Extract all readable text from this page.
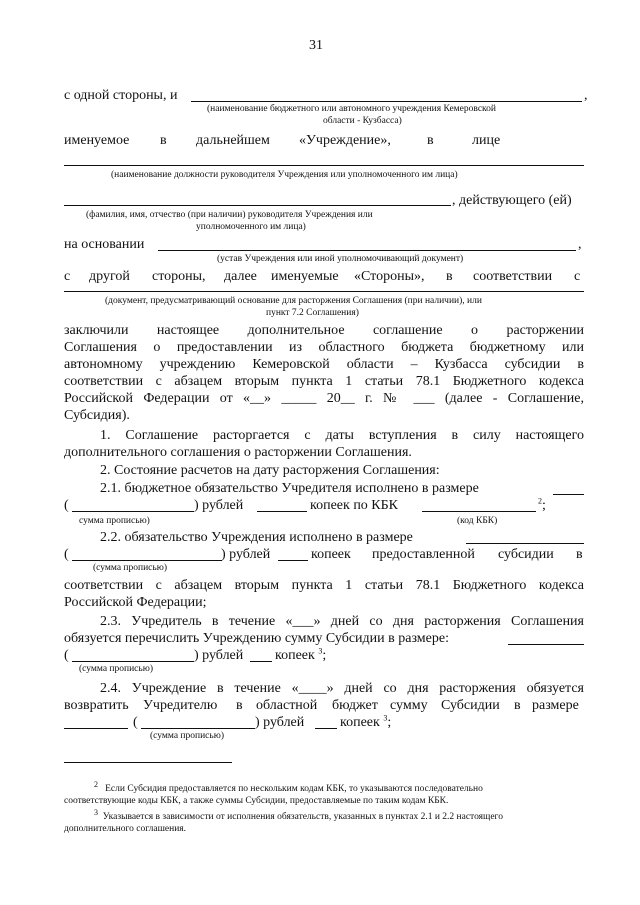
31
с одной стороны, и	,
(наименование бюджетного или автономного учреждения Кемеровской
области - Кузбасса)
именуемое в дальнейшем «Учреждение»,	в	лице
(наименование должности руководителя Учреждения или уполномоченного им лица)
, действующего (ей)
(фамилия, имя, отчество (при наличии) руководителя Учреждения или
уполномоченного им лица)
на основании	,
(устав Учреждения или иной уполномочивающий документ)
с другой стороны, далее именуемые «Стороны», в соответствии с
(документ, предусматривающий основание для расторжения Соглашения (при наличии), или
пункт 7.2 Соглашения)
заключили настоящее дополнительное соглашение о расторжении
Соглашения о предоставлении из областного бюджета бюджетному или
автономному учреждению Кемеровской области – Кузбасса субсидии в
соответствии с абзацем вторым пункта 1 статьи 78.1 Бюджетного кодекса
Российской Федерации от «__» _____ 20__ г. № ___ (далее - Соглашение,
Субсидия).
1. Соглашение расторгается с даты вступления в силу настоящего
дополнительного соглашения о расторжении Соглашения.
2. Состояние расчетов на дату расторжения Соглашения:
2.1. бюджетное обязательство Учредителя исполнено в размере
(	) рублей	копеек по КБК	$^2$;
сумма прописью)	(код КБК)
2.2. обязательство Учреждения исполнено в размере
(	) рублей	копеек предоставленной субсидии в
(сумма прописью)
соответствии с абзацем вторым пункта 1 статьи 78.1 Бюджетного кодекса
Российской Федерации;
2.3. Учредитель в течение «___» дней со дня расторжения Соглашения
обязуется перечислить Учреждению сумму Субсидии в размере:
(	) рублей копеек $^3$;
(сумма прописью)
2.4. Учреждение в течение «____» дней со дня расторжения обязуется
возвратить Учредителю в областной бюджет сумму Субсидии в размере
(	) рублей	копеек $^3$;
(сумма прописью)
$^2$ Если Субсидия предоставляется по нескольким кодам КБК, то указываются последовательно
соответствующие коды КБК, а также суммы Субсидии, предоставляемые по таким кодам КБК.
$^3$ Указывается в зависимости от исполнения обязательств, указанных в пунктах 2.1 и 2.2 настоящего
дополнительного соглашения.
